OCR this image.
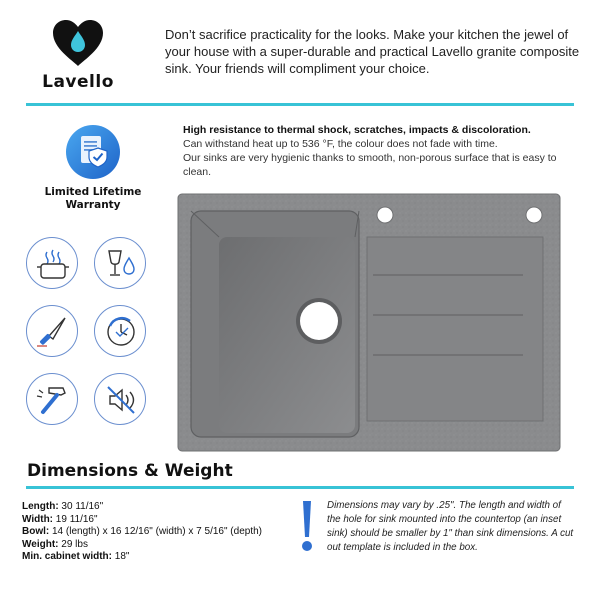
Lavello
Don’t sacrifice practicality for the looks. Make your kitchen the jewel of your house with a super-durable and practical Lavello granite composite sink. Your friends will compliment your choice.
Limited Lifetime
Warranty
High resistance to thermal shock, scratches, impacts & discoloration.
Can withstand heat up to 536 °F, the colour does not fade with time.
Our sinks are very hygienic thanks to smooth, non-porous surface that is easy to clean.
Dimensions & Weight
Length: 30 11/16"
Width: 19 11/16"
Bowl: 14 (length) x 16 12/16" (width) x 7 5/16" (depth)
Weight: 29 lbs
Min. cabinet width: 18"
Dimensions may vary by .25". The length and width of the hole for sink mounted into the countertop (an inset sink) should be smaller by 1" than sink dimensions. A cut out template is included in the box.
